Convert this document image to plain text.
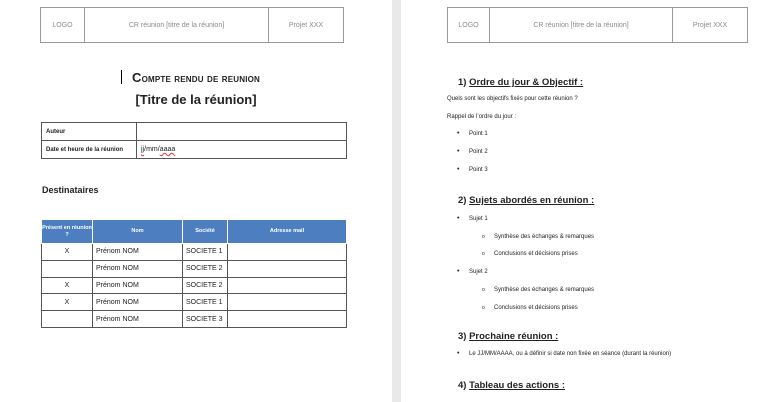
LOGO	CR réunion [titre de la réunion]	Projet XXX
Compte rendu de reunion
[Titre de la réunion]
Auteur	
Date et heure de la réunion	jj/mm/aaaa
Destinataires
Présent en réunion ?	Nom	Société	Adresse mail
X	Prénom NOM	SOCIETE 1	
	Prénom NOM	SOCIETE 2	
X	Prénom NOM	SOCIETE 2	
X	Prénom NOM	SOCIETE 1	
	Prénom NOM	SOCIETE 3	
LOGO	CR réunion [titre de la réunion]	Projet XXX
1) Ordre du jour & Objectif :
Quels sont les objectifs fixés pour cette réunion ?
Rappel de l’ordre du jour :
• Point 1
• Point 2
• Point 3
2) Sujets abordés en réunion :
• Sujet 1
o Synthèse des échanges & remarques
o Conclusions et décisions prises
• Sujet 2
o Synthèse des échanges & remarques
o Conclusions et décisions prises
3) Prochaine réunion :
• Le JJ/MM/AAAA, ou à définir si date non fixée en séance (durant la réunion)
4) Tableau des actions :
